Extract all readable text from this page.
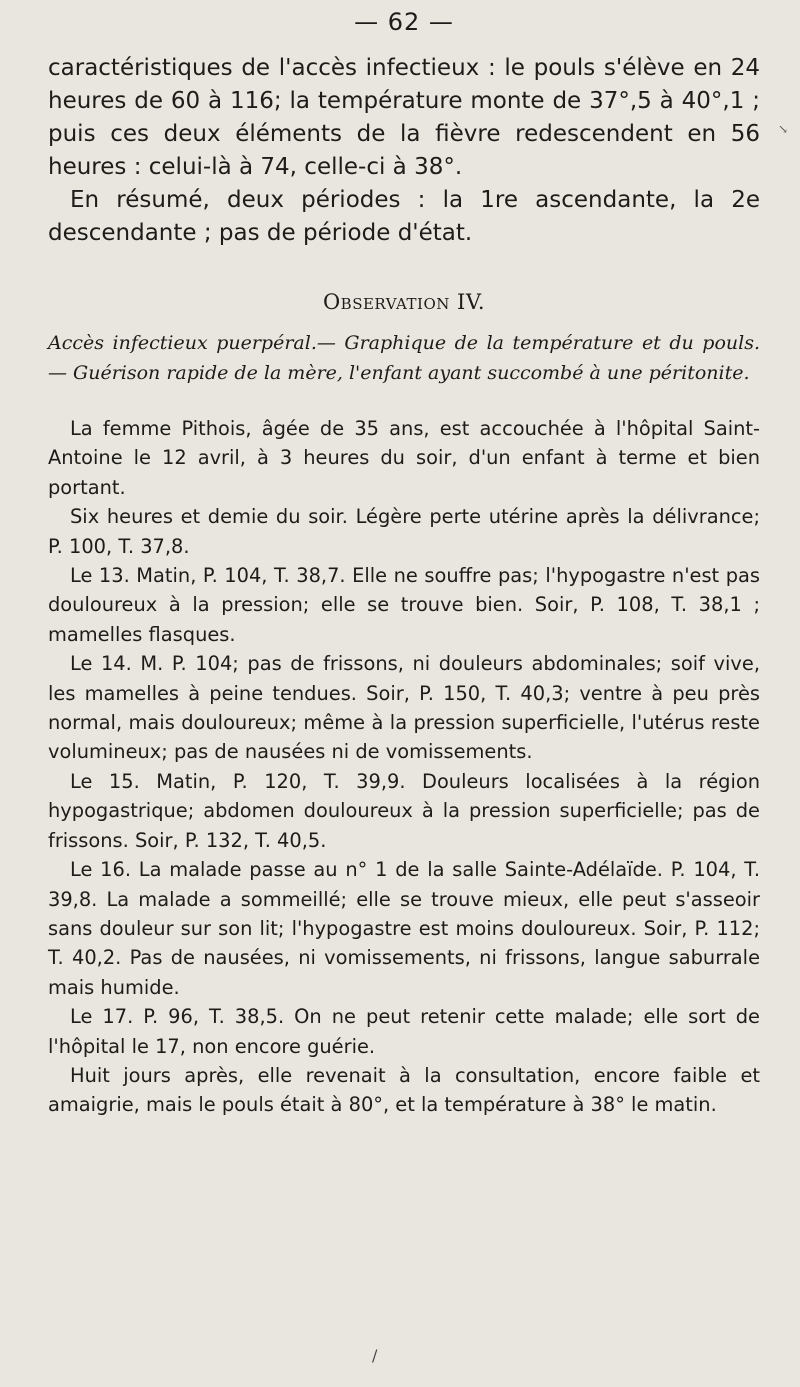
— 62 —

caractéristiques de l'accès infectieux : le pouls s'élève en 24 heures de 60 à 116; la température monte de 37°,5 à 40°,1 ; puis ces deux éléments de la fièvre redescendent en 56 heures : celui-là à 74, celle-ci à 38°.

En résumé, deux périodes : la 1re ascendante, la 2e descendante ; pas de période d'état.

Observation IV.

Accès infectieux puerpéral.— Graphique de la température et du pouls. — Guérison rapide de la mère, l'enfant ayant succombé à une péritonite.

La femme Pithois, âgée de 35 ans, est accouchée à l'hôpital Saint-Antoine le 12 avril, à 3 heures du soir, d'un enfant à terme et bien portant.

Six heures et demie du soir. Légère perte utérine après la délivrance; P. 100, T. 37,8.

Le 13. Matin, P. 104, T. 38,7. Elle ne souffre pas; l'hypogastre n'est pas douloureux à la pression; elle se trouve bien. Soir, P. 108, T. 38,1 ; mamelles flasques.

Le 14. M. P. 104; pas de frissons, ni douleurs abdominales; soif vive, les mamelles à peine tendues. Soir, P. 150, T. 40,3; ventre à peu près normal, mais douloureux; même à la pression superficielle, l'utérus reste volumineux; pas de nausées ni de vomissements.

Le 15. Matin, P. 120, T. 39,9. Douleurs localisées à la région hypogastrique; abdomen douloureux à la pression superficielle; pas de frissons. Soir, P. 132, T. 40,5.

Le 16. La malade passe au n° 1 de la salle Sainte-Adélaïde. P. 104, T. 39,8. La malade a sommeillé; elle se trouve mieux, elle peut s'asseoir sans douleur sur son lit; l'hypogastre est moins douloureux. Soir, P. 112; T. 40,2. Pas de nausées, ni vomissements, ni frissons, langue saburrale mais humide.

Le 17. P. 96, T. 38,5. On ne peut retenir cette malade; elle sort de l'hôpital le 17, non encore guérie.

Huit jours après, elle revenait à la consultation, encore faible et amaigrie, mais le pouls était à 80°, et la température à 38° le matin.

↘
/
